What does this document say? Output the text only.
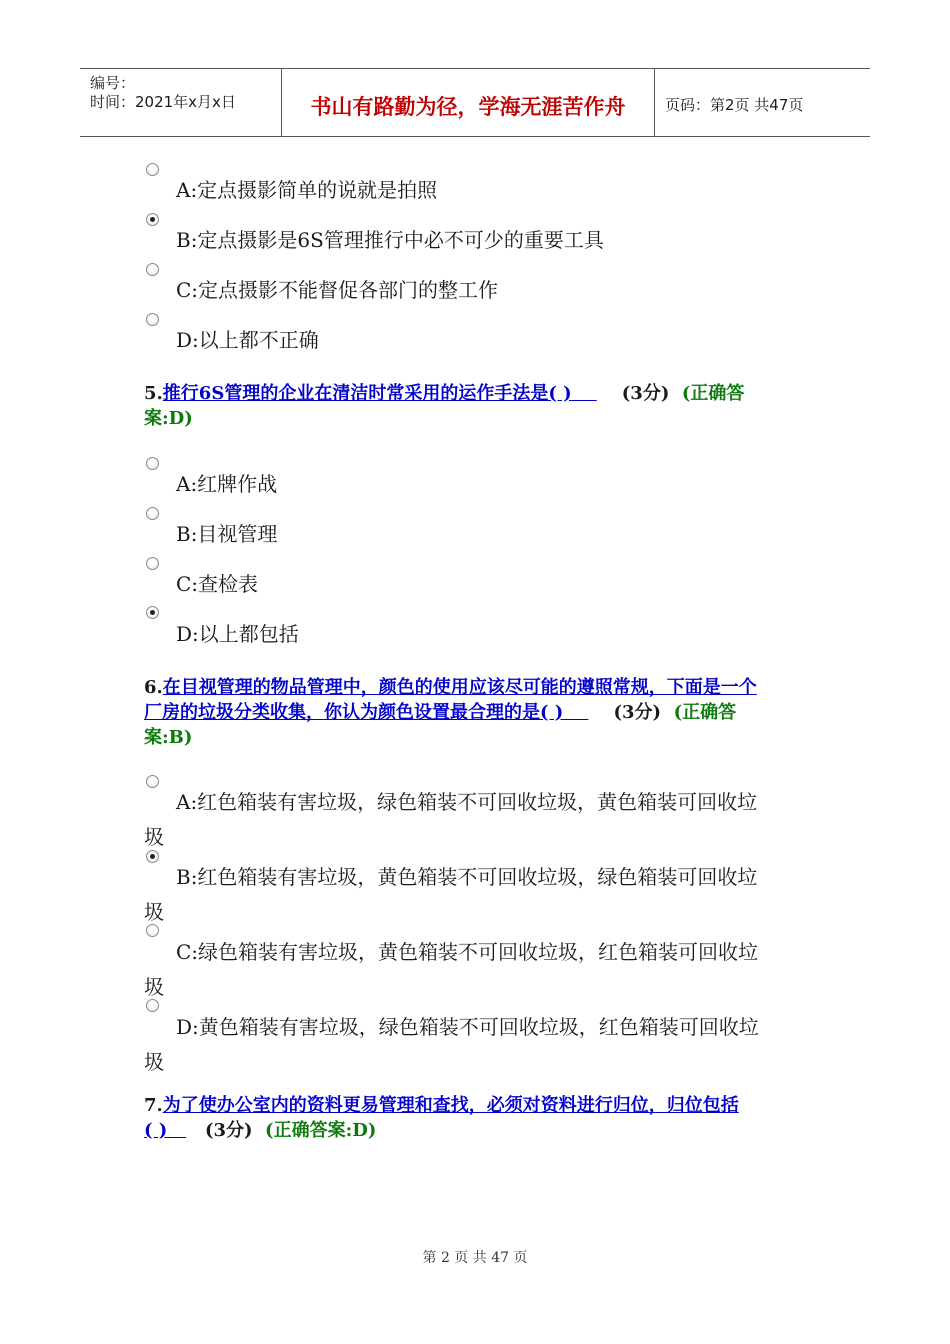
编号：
时间：2021年x月x日	书山有路勤为径，学海无涯苦作舟	页码：第2页 共47页
A:定点摄影简单的说就是拍照
B:定点摄影是6S管理推行中必不可少的重要工具
C:定点摄影不能督促各部门的整工作
D:以上都不正确
5.推行6S管理的企业在清洁时常采用的运作手法是( )	(3分) (正确答
案:D)
A:红牌作战
B:目视管理
C:查检表
D:以上都包括
6.在目视管理的物品管理中，颜色的使用应该尽可能的遵照常规，下面是一个
厂房的垃圾分类收集，你认为颜色设置最合理的是( )	(3分) (正确答
案:B)
A:红色箱装有害垃圾，绿色箱装不可回收垃圾，黄色箱装可回收垃
圾
B:红色箱装有害垃圾，黄色箱装不可回收垃圾，绿色箱装可回收垃
圾
C:绿色箱装有害垃圾，黄色箱装不可回收垃圾，红色箱装可回收垃
圾
D:黄色箱装有害垃圾，绿色箱装不可回收垃圾，红色箱装可回收垃
圾
7.为了使办公室内的资料更易管理和查找，必须对资料进行归位，归位包括
( ) (3分) (正确答案:D)
第 2 页 共 47 页
